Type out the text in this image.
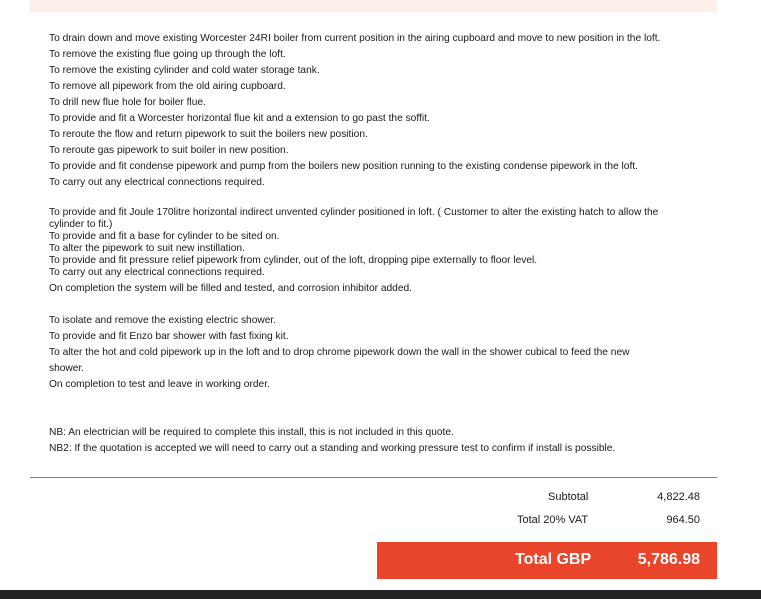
To drain down and move existing Worcester 24RI boiler from current position in the airing cupboard and move to new position in the loft.
To remove the existing flue going up through the loft.
To remove the existing cylinder and cold water storage tank.
To remove all pipework from the old airing cupboard.
To drill new flue hole for boiler flue.
To provide and fit a Worcester horizontal flue kit and a extension to go past the soffit.
To reroute the flow and return pipework to suit the boilers new position.
To reroute gas pipework to suit boiler in new position.
To provide and fit condense pipework and pump from the boilers new position running to the existing condense pipework in the loft.
To carry out any electrical connections required.
To provide and fit Joule 170litre horizontal indirect unvented cylinder positioned in loft. ( Customer to alter the existing hatch to allow the
cylinder to fit.)
To provide and fit a base for cylinder to be sited on.
To alter the pipework to suit new instillation.
To provide and fit pressure relief pipework from cylinder, out of the loft, dropping pipe externally to floor level.
To carry out any electrical connections required.
On completion the system will be filled and tested, and corrosion inhibitor added.
To isolate and remove the existing electric shower.
To provide and fit Enzo bar shower with fast fixing kit.
To alter the hot and cold pipework up in the loft and to drop chrome pipework down the wall in the shower cubical to feed the new
shower.
On completion to test and leave in working order.
NB: An electrician will be required to complete this install, this is not included in this quote.
NB2: If the quotation is accepted we will need to carry out a standing and working pressure test to confirm if install is possible.
Subtotal	4,822.48
Total 20% VAT	964.50
Total GBP	5,786.98
